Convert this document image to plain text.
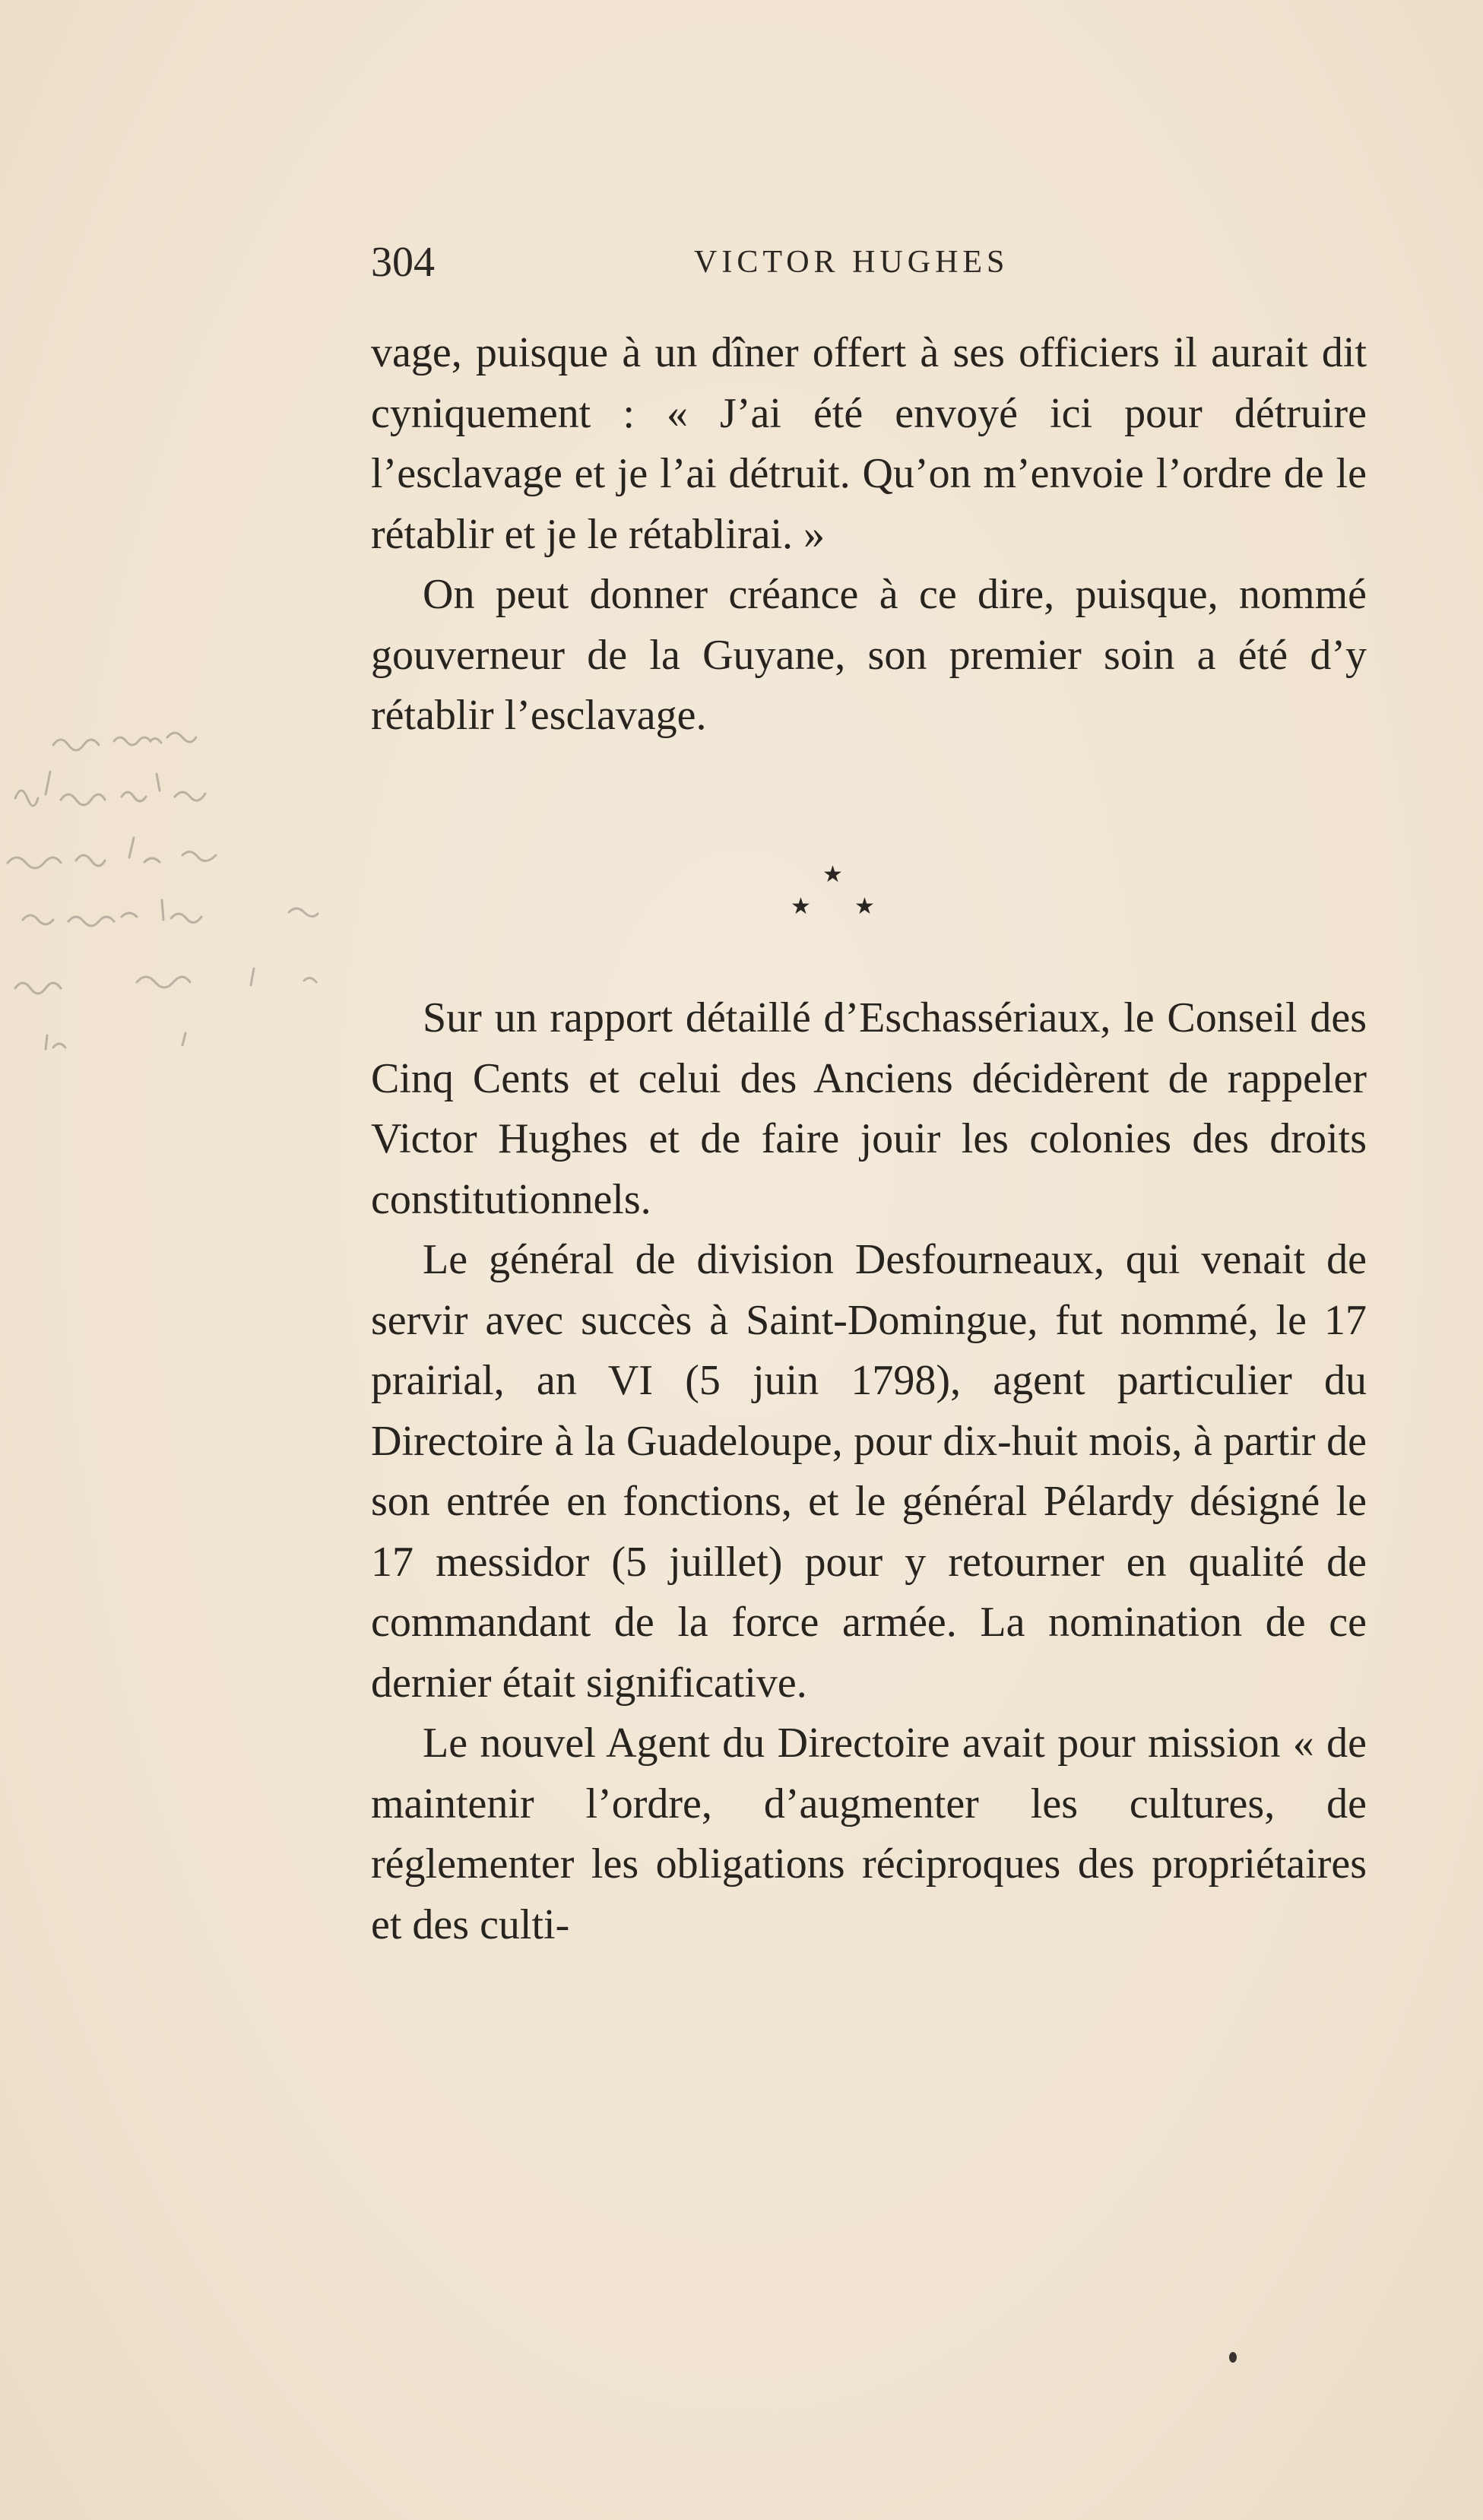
304	VICTOR HUGHES

vage, puisque à un dîner offert à ses officiers il aurait dit cyniquement : « J’ai été envoyé ici pour détruire l’esclavage et je l’ai détruit. Qu’on m’envoie l’ordre de le rétablir et je le rétablirai. »

On peut donner créance à ce dire, puisque, nommé gouverneur de la Guyane, son premier soin a été d’y rétablir l’esclavage.

★
★ ★

Sur un rapport détaillé d’Eschassériaux, le Conseil des Cinq Cents et celui des Anciens décidèrent de rappeler Victor Hughes et de faire jouir les colonies des droits constitutionnels.

Le général de division Desfourneaux, qui venait de servir avec succès à Saint-Domingue, fut nommé, le 17 prairial, an VI (5 juin 1798), agent particulier du Directoire à la Guadeloupe, pour dix-huit mois, à partir de son entrée en fonctions, et le général Pélardy désigné le 17 messidor (5 juillet) pour y retourner en qualité de commandant de la force armée. La nomination de ce dernier était significative.

Le nouvel Agent du Directoire avait pour mission « de maintenir l’ordre, d’augmenter les cultures, de réglementer les obligations réciproques des propriétaires et des culti-
